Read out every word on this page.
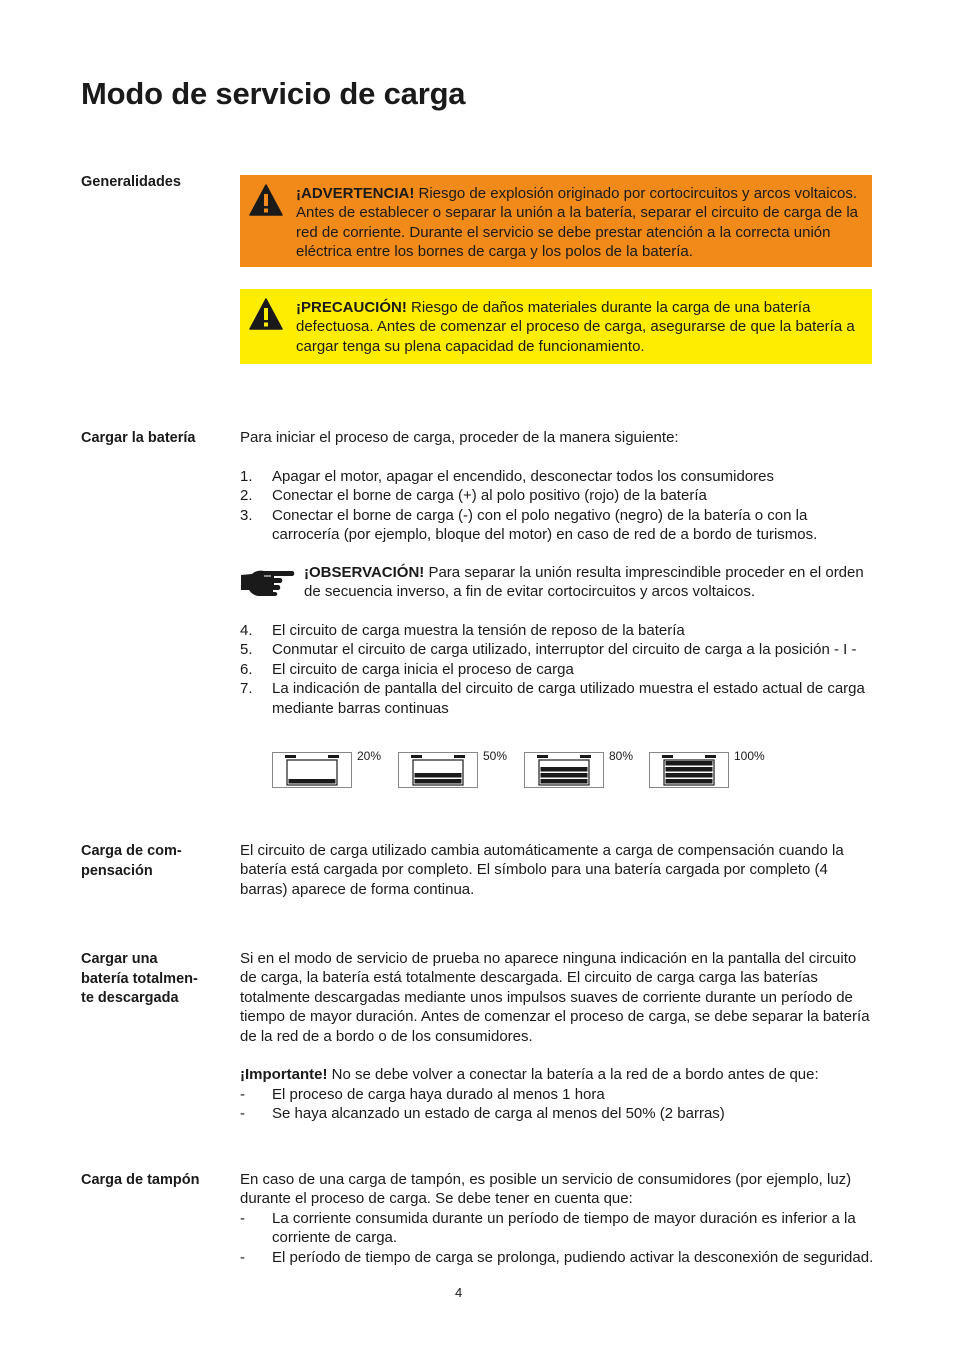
Modo de servicio de carga
Generalidades
¡ADVERTENCIA! Riesgo de explosión originado por cortocircuitos y arcos voltaicos. Antes de establecer o separar la unión a la batería, separar el circuito de carga de la red de corriente. Durante el servicio se debe prestar atención a la correcta unión eléctrica entre los bornes de carga y los polos de la batería.
¡PRECAUCIÓN! Riesgo de daños materiales durante la carga de una batería defectuosa. Antes de comenzar el proceso de carga, asegurarse de que la batería a cargar tenga su plena capacidad de funcionamiento.
Cargar la batería	Para iniciar el proceso de carga, proceder de la manera siguiente:

1. Apagar el motor, apagar el encendido, desconectar todos los consumidores
2. Conectar el borne de carga (+) al polo positivo (rojo) de la batería
3. Conectar el borne de carga (-) con el polo negativo (negro) de la batería o con la carrocería (por ejemplo, bloque del motor) en caso de red de a bordo de turismos.
¡OBSERVACIÓN! Para separar la unión resulta imprescindible proceder en el orden de secuencia inverso, a fin de evitar cortocircuitos y arcos voltaicos.
4. El circuito de carga muestra la tensión de reposo de la batería
5. Conmutar el circuito de carga utilizado, interruptor del circuito de carga a la posición - I -
6. El circuito de carga inicia el proceso de carga
7. La indicación de pantalla del circuito de carga utilizado muestra el estado actual de carga mediante barras continuas
20%	50%	80%	100%
Carga de com-
pensación

El circuito de carga utilizado cambia automáticamente a carga de compensación cuando la batería está cargada por completo. El símbolo para una batería cargada por completo (4 barras) aparece de forma continua.

Cargar una
batería totalmen-
te descargada

Si en el modo de servicio de prueba no aparece ninguna indicación en la pantalla del circuito de carga, la batería está totalmente descargada. El circuito de carga carga las baterías totalmente descargadas mediante unos impulsos suaves de corriente durante un período de tiempo de mayor duración. Antes de comenzar el proceso de carga, se debe separar la batería de la red de a bordo o de los consumidores.

¡Importante! No se debe volver a conectar la batería a la red de a bordo antes de que:

- El proceso de carga haya durado al menos 1 hora
- Se haya alcanzado un estado de carga al menos del 50% (2 barras)
Carga de tampón	En caso de una carga de tampón, es posible un servicio de consumidores (por ejemplo, luz) durante el proceso de carga. Se debe tener en cuenta que:

- La corriente consumida durante un período de tiempo de mayor duración es inferior a la corriente de carga.
- El período de tiempo de carga se prolonga, pudiendo activar la desconexión de seguridad.
4
